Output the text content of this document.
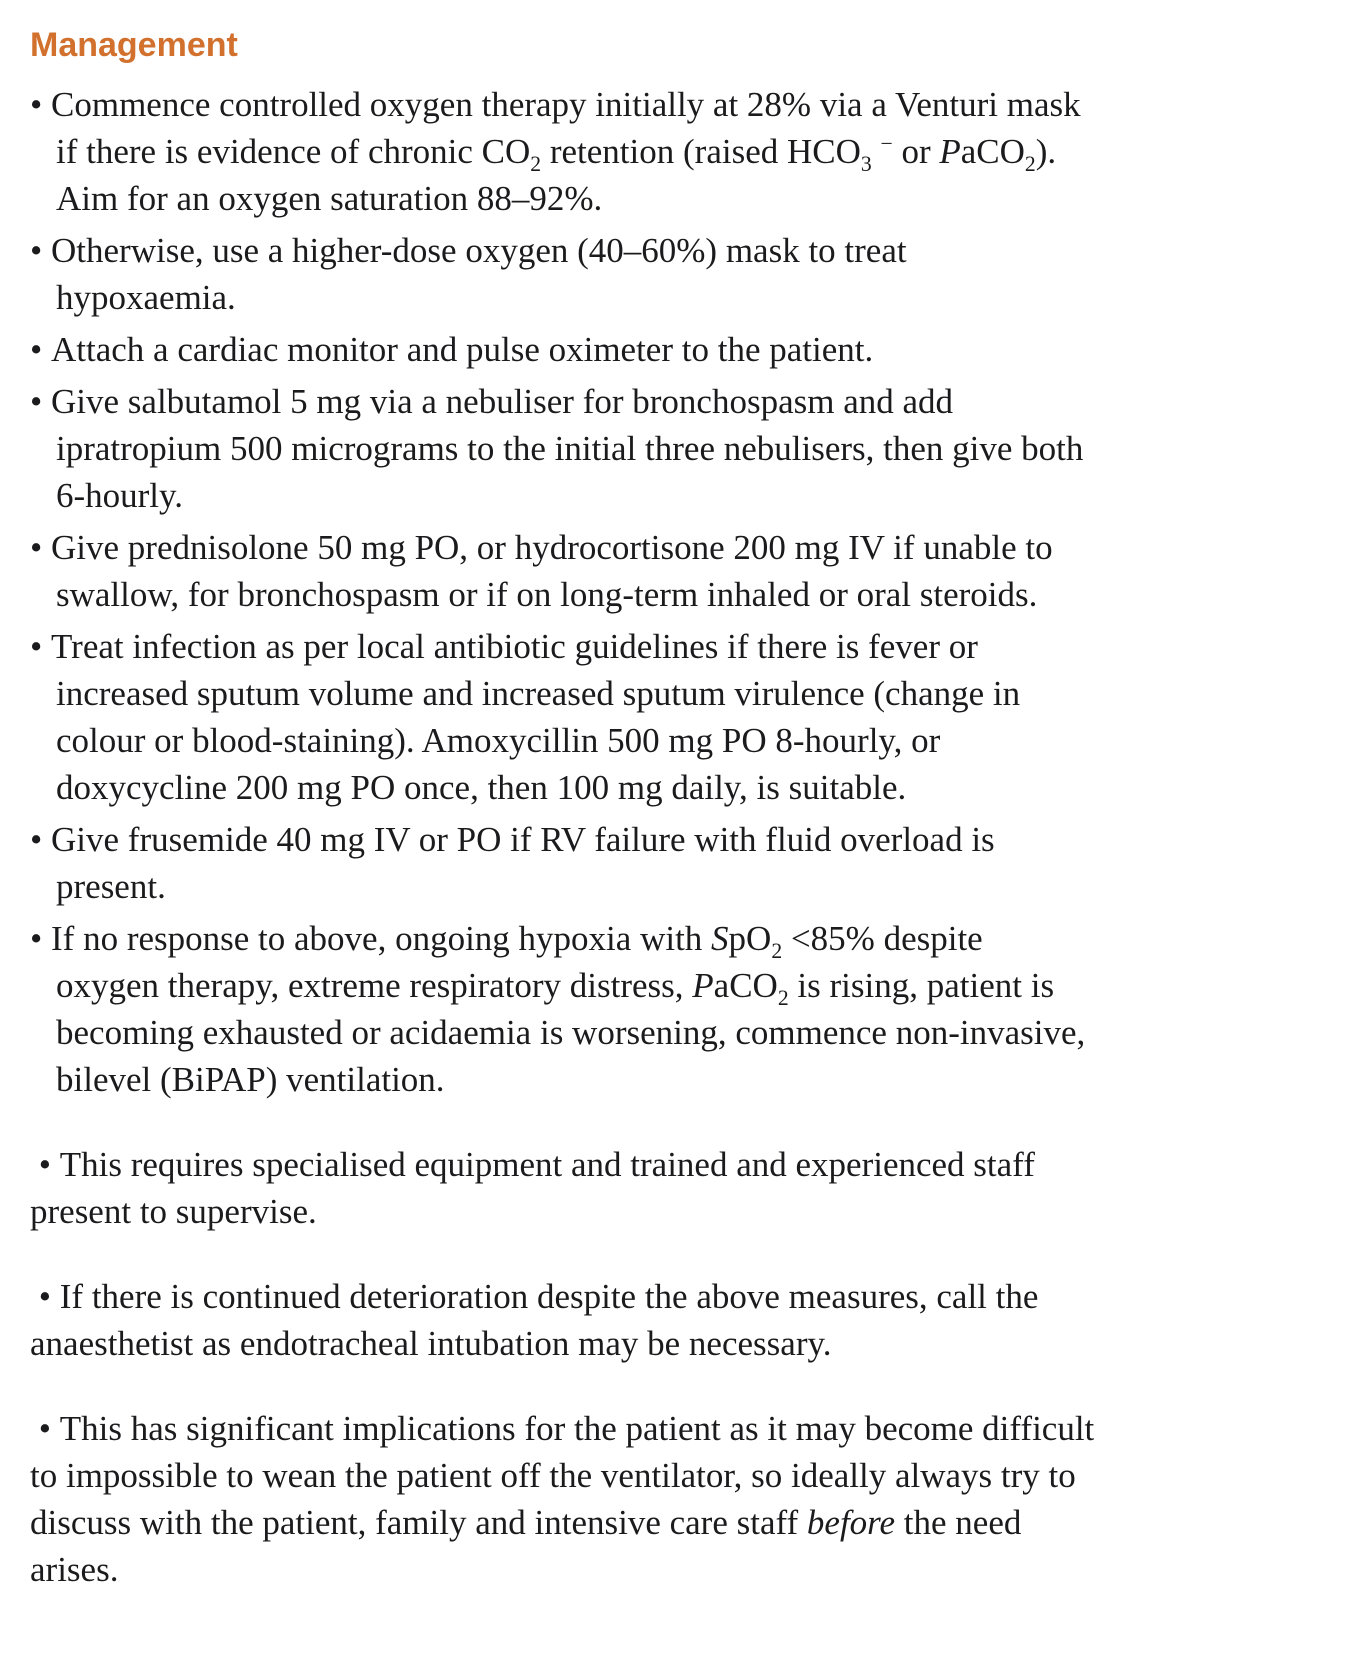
Management
• Commence controlled oxygen therapy initially at 28% via a Venturi mask
if there is evidence of chronic $CO_2$ retention (raised $HCO_3$ − or PaCO$_2$).
Aim for an oxygen saturation 88–92%.
• Otherwise, use a higher-dose oxygen (40–60%) mask to treat
hypoxaemia.
• Attach a cardiac monitor and pulse oximeter to the patient.
• Give salbutamol 5 mg via a nebuliser for bronchospasm and add
ipratropium 500 micrograms to the initial three nebulisers, then give both
6-hourly.
• Give prednisolone 50 mg PO, or hydrocortisone 200 mg IV if unable to
swallow, for bronchospasm or if on long-term inhaled or oral steroids.
• Treat infection as per local antibiotic guidelines if there is fever or
increased sputum volume and increased sputum virulence (change in
colour or blood-staining). Amoxycillin 500 mg PO 8-hourly, or
doxycycline 200 mg PO once, then 100 mg daily, is suitable.
• Give frusemide 40 mg IV or PO if RV failure with fluid overload is
present.
• If no response to above, ongoing hypoxia with SpO$_2$ <85% despite
oxygen therapy, extreme respiratory distress, PaCO$_2$ is rising, patient is
becoming exhausted or acidaemia is worsening, commence non-invasive,
bilevel (BiPAP) ventilation.
• This requires specialised equipment and trained and experienced staff
present to supervise.
• If there is continued deterioration despite the above measures, call the
anaesthetist as endotracheal intubation may be necessary.
• This has significant implications for the patient as it may become difficult
to impossible to wean the patient off the ventilator, so ideally always try to
discuss with the patient, family and intensive care staff before the need
arises.
